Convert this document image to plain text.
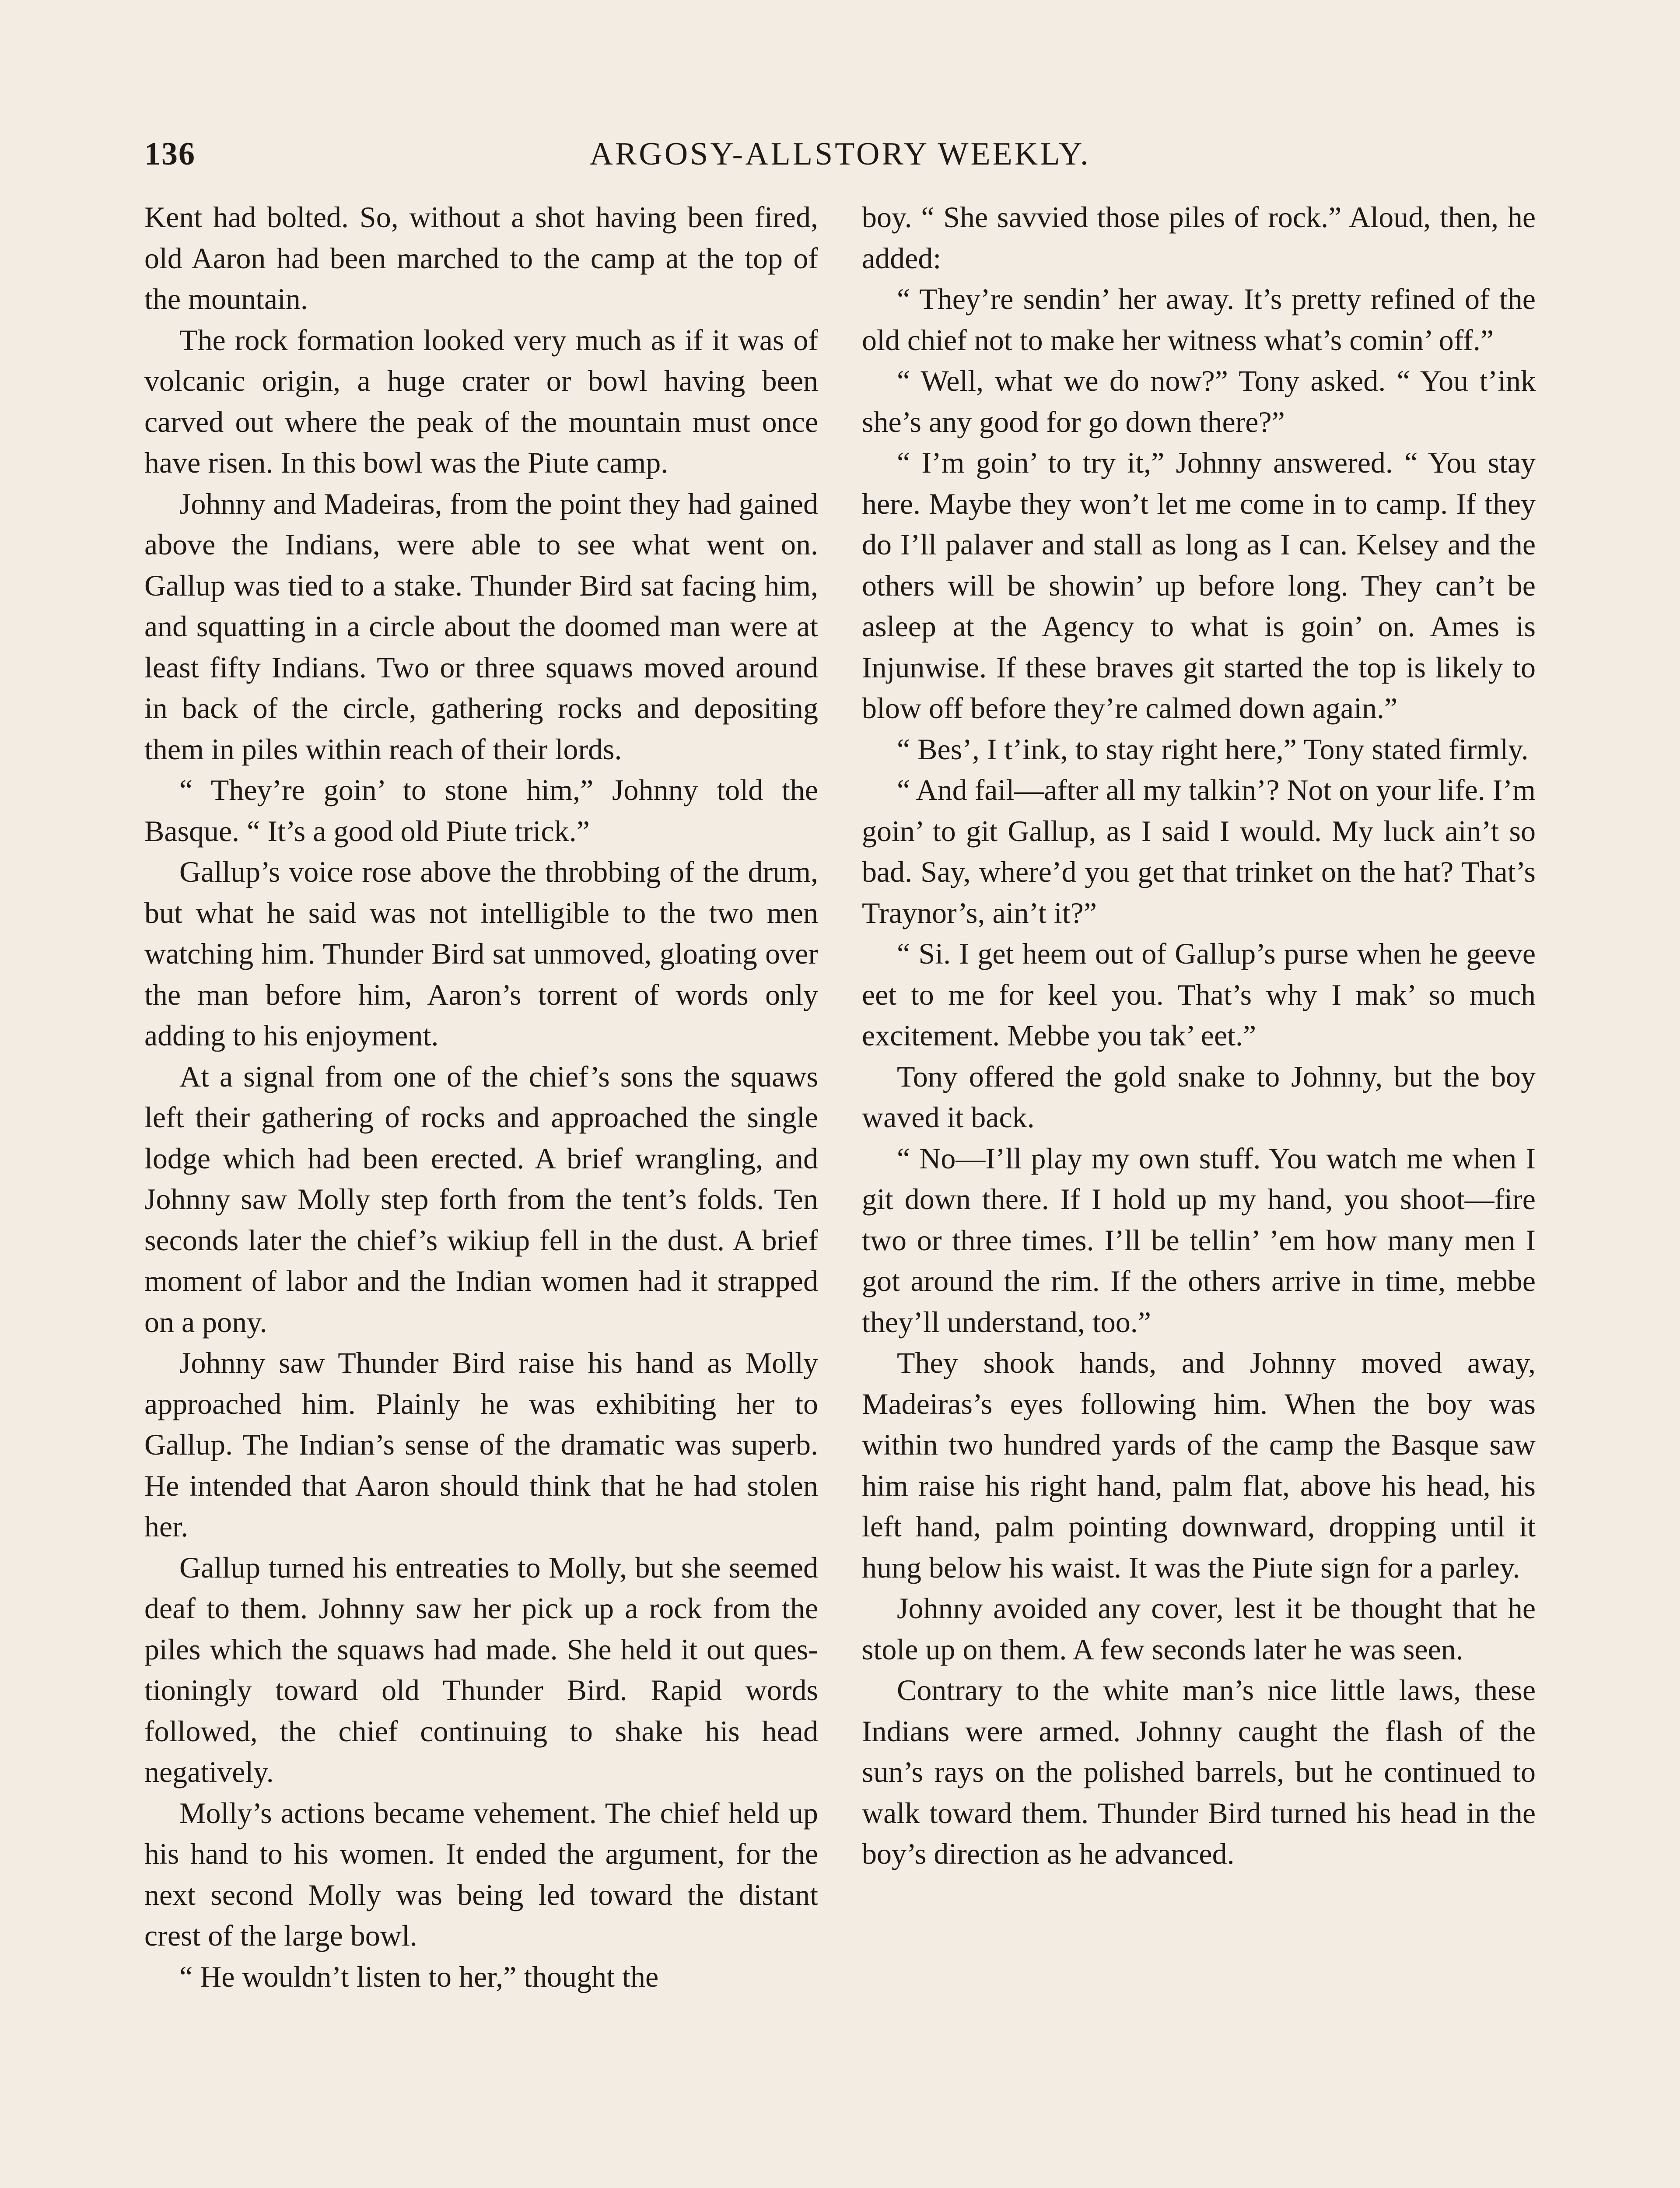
136	ARGOSY-ALLSTORY WEEKLY.

Kent had bolted. So, without a shot having been fired, old Aaron had been marched to the camp at the top of the mountain.

The rock formation looked very much as if it was of volcanic origin, a huge crater or bowl having been carved out where the peak of the mountain must once have risen. In this bowl was the Piute camp.

Johnny and Madeiras, from the point they had gained above the Indians, were able to see what went on. Gallup was tied to a stake. Thunder Bird sat facing him, and squatting in a circle about the doomed man were at least fifty Indians. Two or three squaws moved around in back of the circle, gathering rocks and depositing them in piles within reach of their lords.

“ They’re goin’ to stone him,” Johnny told the Basque. “ It’s a good old Piute trick.”

Gallup’s voice rose above the throbbing of the drum, but what he said was not intelligible to the two men watching him. Thunder Bird sat unmoved, gloating over the man before him, Aaron’s torrent of words only adding to his enjoyment.

At a signal from one of the chief’s sons the squaws left their gathering of rocks and approached the single lodge which had been erected. A brief wrangling, and Johnny saw Molly step forth from the tent’s folds. Ten seconds later the chief’s wikiup fell in the dust. A brief moment of labor and the Indian women had it strapped on a pony.

Johnny saw Thunder Bird raise his hand as Molly approached him. Plainly he was exhibiting her to Gallup. The Indian’s sense of the dramatic was superb. He intended that Aaron should think that he had stolen her.

Gallup turned his entreaties to Molly, but she seemed deaf to them. Johnny saw her pick up a rock from the piles which the squaws had made. She held it out questioningly toward old Thunder Bird. Rapid words followed, the chief continuing to shake his head negatively.

Molly’s actions became vehement. The chief held up his hand to his women. It ended the argument, for the next second Molly was being led toward the distant crest of the large bowl.

“ He wouldn’t listen to her,” thought the

boy. “ She savvied those piles of rock.” Aloud, then, he added:

“ They’re sendin’ her away. It’s pretty refined of the old chief not to make her witness what’s comin’ off.”

“ Well, what we do now?” Tony asked. “ You t’ink she’s any good for go down there?”

“ I’m goin’ to try it,” Johnny answered. “ You stay here. Maybe they won’t let me come in to camp. If they do I’ll palaver and stall as long as I can. Kelsey and the others will be showin’ up before long. They can’t be asleep at the Agency to what is goin’ on. Ames is Injunwise. If these braves git started the top is likely to blow off before they’re calmed down again.”

“ Bes’, I t’ink, to stay right here,” Tony stated firmly.

“ And fail—after all my talkin’? Not on your life. I’m goin’ to git Gallup, as I said I would. My luck ain’t so bad. Say, where’d you get that trinket on the hat? That’s Traynor’s, ain’t it?”

“ Si. I get heem out of Gallup’s purse when he geeve eet to me for keel you. That’s why I mak’ so much excitement. Mebbe you tak’ eet.”

Tony offered the gold snake to Johnny, but the boy waved it back.

“ No—I’ll play my own stuff. You watch me when I git down there. If I hold up my hand, you shoot—fire two or three times. I’ll be tellin’ ’em how many men I got around the rim. If the others arrive in time, mebbe they’ll understand, too.”

They shook hands, and Johnny moved away, Madeiras’s eyes following him. When the boy was within two hundred yards of the camp the Basque saw him raise his right hand, palm flat, above his head, his left hand, palm pointing downward, dropping until it hung below his waist. It was the Piute sign for a parley.

Johnny avoided any cover, lest it be thought that he stole up on them. A few seconds later he was seen.

Contrary to the white man’s nice little laws, these Indians were armed. Johnny caught the flash of the sun’s rays on the polished barrels, but he continued to walk toward them. Thunder Bird turned his head in the boy’s direction as he advanced.
